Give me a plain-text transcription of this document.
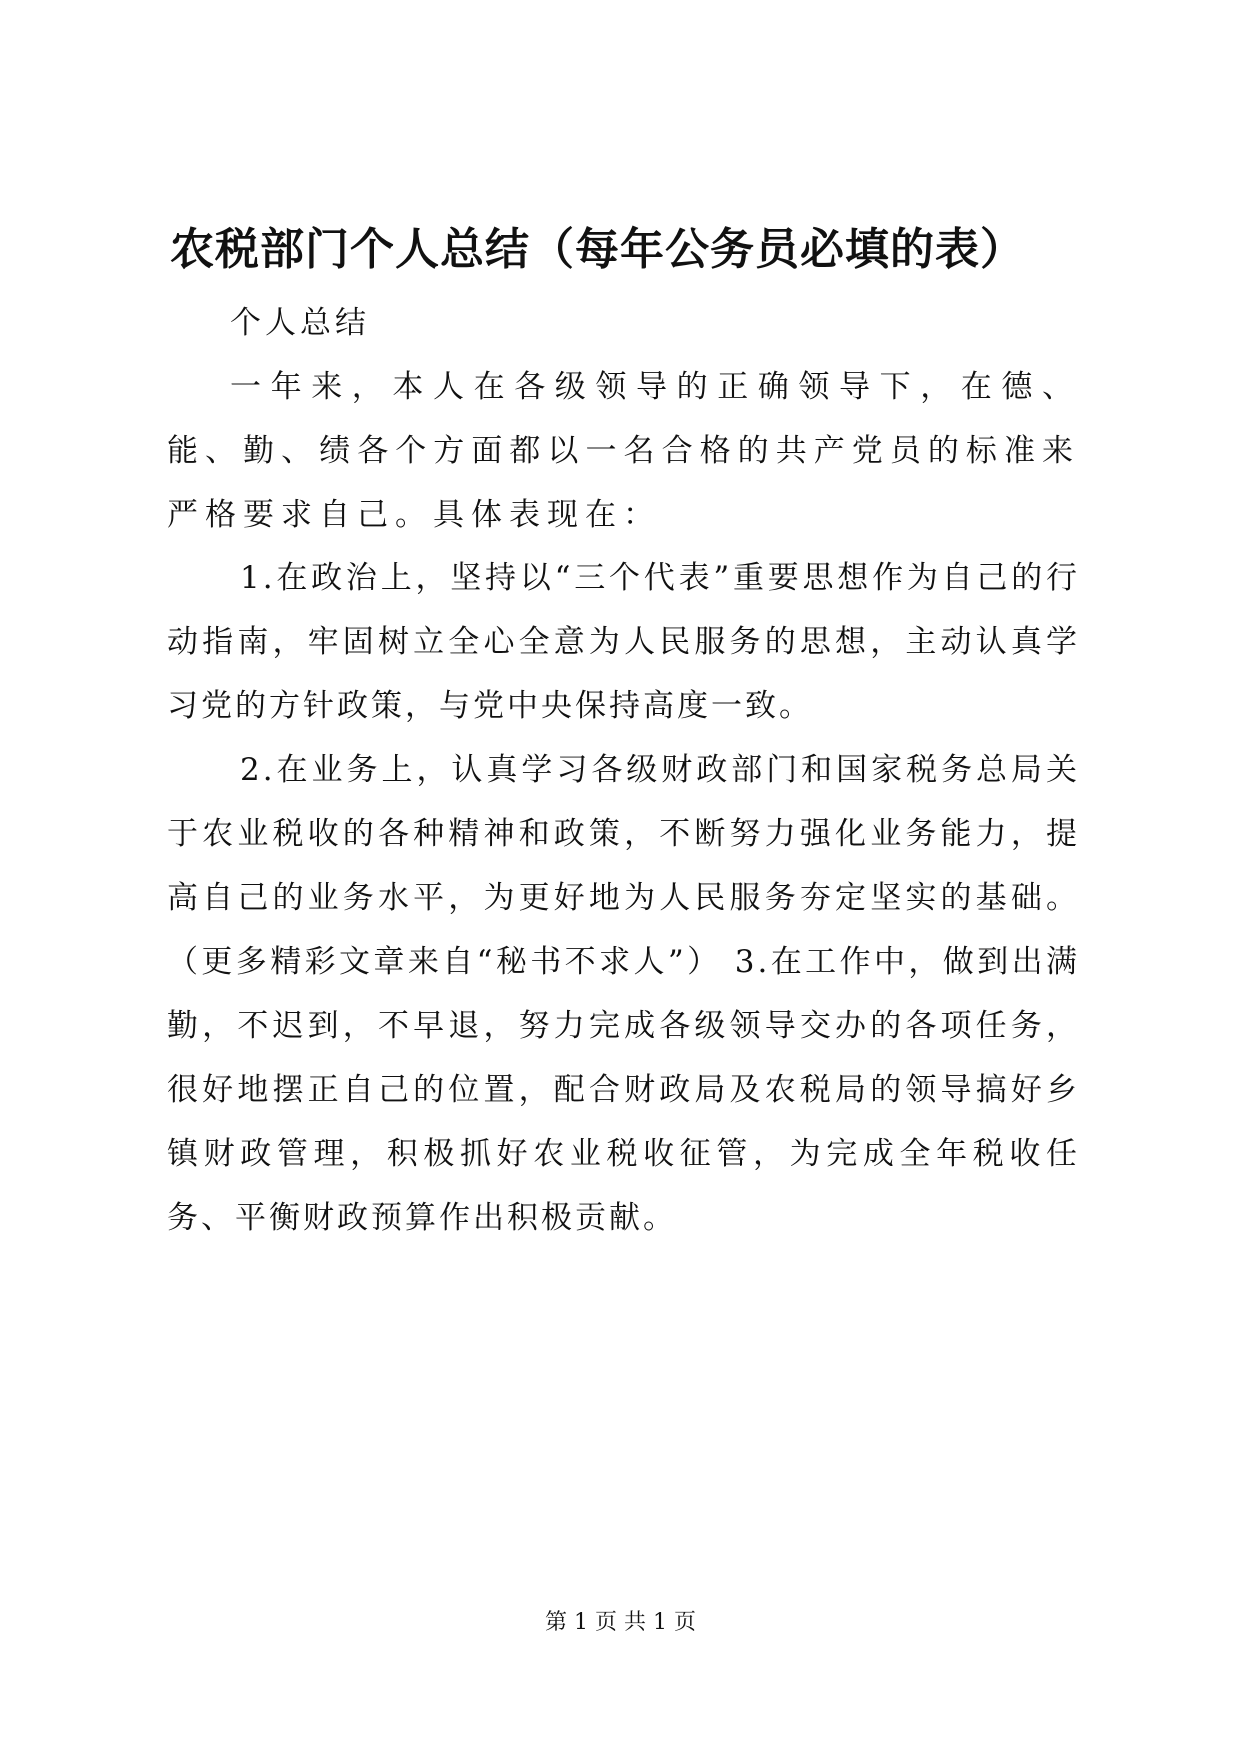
农税部门个人总结（每年公务员必填的表）
个人总结
一年来，本人在各级领导的正确领导下，在德、能、勤、绩各个方面都以一名合格的共产党员的标准来严格要求自己。具体表现在：
1.在政治上，坚持以“三个代表”重要思想作为自己的行动指南，牢固树立全心全意为人民服务的思想，主动认真学习党的方针政策，与党中央保持高度一致。
2.在业务上，认真学习各级财政部门和国家税务总局关于农业税收的各种精神和政策，不断努力强化业务能力，提高自己的业务水平，为更好地为人民服务夯定坚实的基础。（更多精彩文章来自“秘书不求人”） 3.在工作中，做到出满勤，不迟到，不早退，努力完成各级领导交办的各项任务，很好地摆正自己的位置，配合财政局及农税局的领导搞好乡镇财政管理，积极抓好农业税收征管，为完成全年税收任务、平衡财政预算作出积极贡献。
第 1 页 共 1 页
